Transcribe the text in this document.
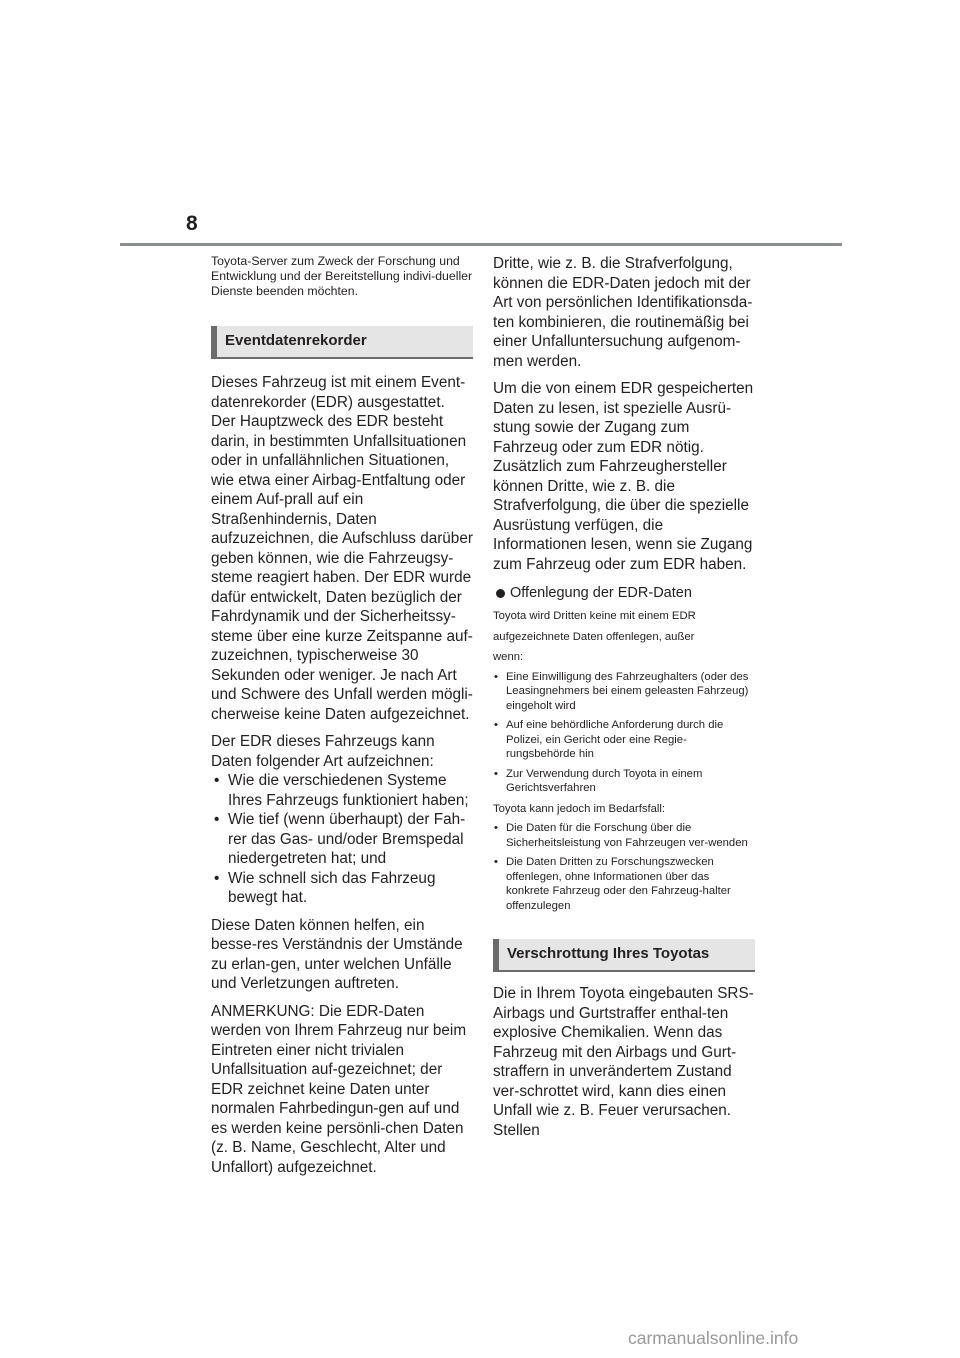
8

Toyota-Server zum Zweck der Forschung und Entwicklung und der Bereitstellung indivi-dueller Dienste beenden möchten.

Eventdatenrekorder

Dieses Fahrzeug ist mit einem Event-datenrekorder (EDR) ausgestattet. Der Hauptzweck des EDR besteht darin, in bestimmten Unfallsituationen oder in unfallähnlichen Situationen, wie etwa einer Airbag-Entfaltung oder einem Auf-prall auf ein Straßenhindernis, Daten aufzuzeichnen, die Aufschluss darüber geben können, wie die Fahrzeugsy-steme reagiert haben. Der EDR wurde dafür entwickelt, Daten bezüglich der Fahrdynamik und der Sicherheitssy-steme über eine kurze Zeitspanne auf-zuzeichnen, typischerweise 30 Sekunden oder weniger. Je nach Art und Schwere des Unfall werden mögli-cherweise keine Daten aufgezeichnet.

Der EDR dieses Fahrzeugs kann Daten folgender Art aufzeichnen:

• Wie die verschiedenen Systeme Ihres Fahrzeugs funktioniert haben;
• Wie tief (wenn überhaupt) der Fah-rer das Gas- und/oder Bremspedal niedergetreten hat; und
• Wie schnell sich das Fahrzeug bewegt hat.

Diese Daten können helfen, ein besse-res Verständnis der Umstände zu erlan-gen, unter welchen Unfälle und Verletzungen auftreten.

ANMERKUNG: Die EDR-Daten werden von Ihrem Fahrzeug nur beim Eintreten einer nicht trivialen Unfallsituation auf-gezeichnet; der EDR zeichnet keine Daten unter normalen Fahrbedingun-gen auf und es werden keine persönli-chen Daten (z. B. Name, Geschlecht, Alter und Unfallort) aufgezeichnet.

Dritte, wie z. B. die Strafverfolgung, können die EDR-Daten jedoch mit der Art von persönlichen Identifikationsda-ten kombinieren, die routinemäßig bei einer Unfalluntersuchung aufgenom-men werden.

Um die von einem EDR gespeicherten Daten zu lesen, ist spezielle Ausrü-stung sowie der Zugang zum Fahrzeug oder zum EDR nötig. Zusätzlich zum Fahrzeughersteller können Dritte, wie z. B. die Strafverfolgung, die über die spezielle Ausrüstung verfügen, die Informationen lesen, wenn sie Zugang zum Fahrzeug oder zum EDR haben.

Offenlegung der EDR-Daten

Toyota wird Dritten keine mit einem EDR

aufgezeichnete Daten offenlegen, außer

wenn:

• Eine Einwilligung des Fahrzeughalters (oder des Leasingnehmers bei einem geleasten Fahrzeug) eingeholt wird
• Auf eine behördliche Anforderung durch die Polizei, ein Gericht oder eine Regie-rungsbehörde hin
• Zur Verwendung durch Toyota in einem Gerichtsverfahren

Toyota kann jedoch im Bedarfsfall:

• Die Daten für die Forschung über die Sicherheitsleistung von Fahrzeugen ver-wenden
• Die Daten Dritten zu Forschungszwecken offenlegen, ohne Informationen über das konkrete Fahrzeug oder den Fahrzeug-halter offenzulegen
Verschrottung Ihres Toyotas

Die in Ihrem Toyota eingebauten SRS-Airbags und Gurtstraffer enthal-ten explosive Chemikalien. Wenn das Fahrzeug mit den Airbags und Gurt-straffern in unverändertem Zustand ver-schrottet wird, kann dies einen Unfall wie z. B. Feuer verursachen. Stellen

carmanualsonline.info
